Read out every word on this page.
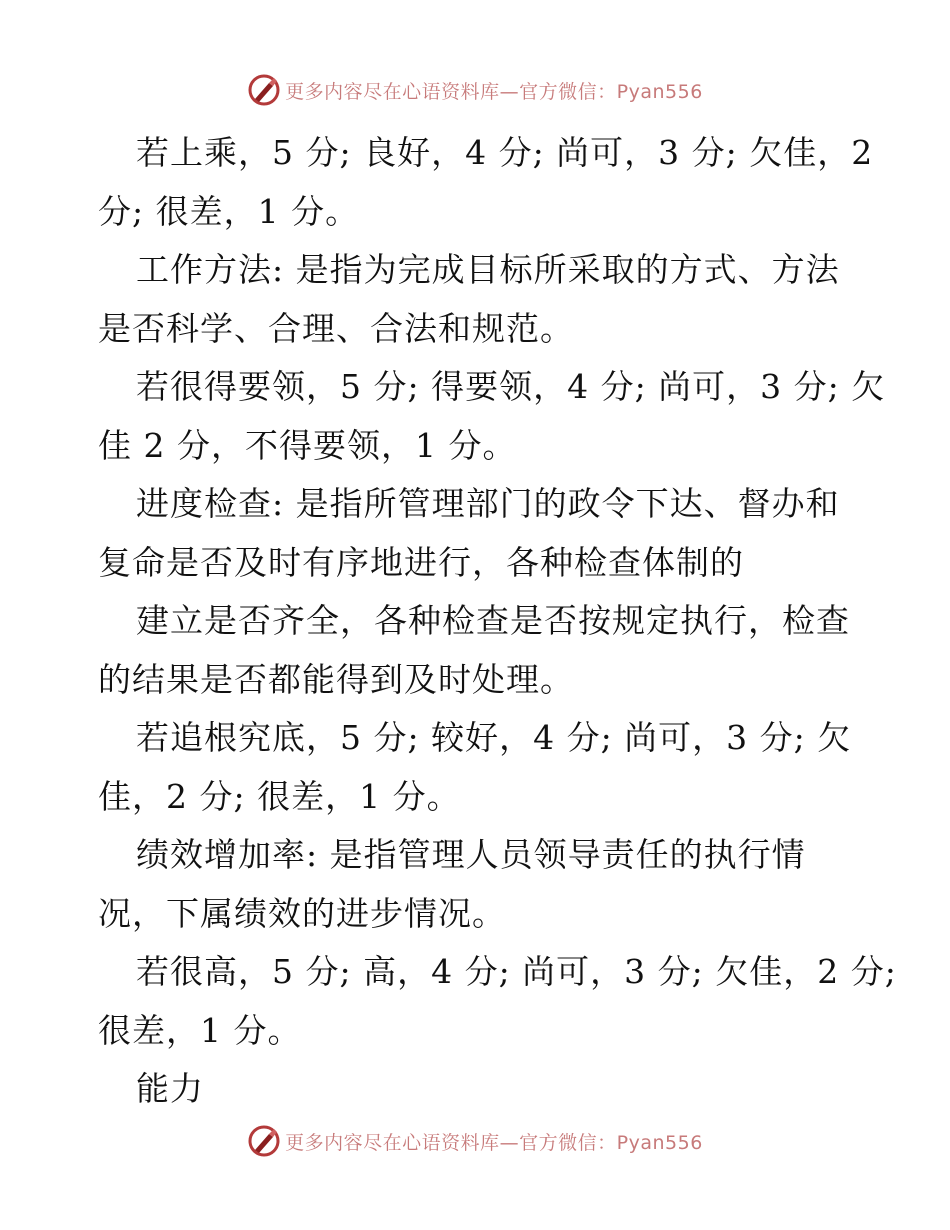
更多内容尽在心语资料库—官方微信：Pyan556
若上乘，5 分; 良好，4 分; 尚可，3 分; 欠佳，2
分; 很差，1 分。
工作方法: 是指为完成目标所采取的方式、方法
是否科学、合理、合法和规范。
若很得要领，5 分; 得要领，4 分; 尚可，3 分; 欠
佳 2 分，不得要领，1 分。
进度检查: 是指所管理部门的政令下达、督办和
复命是否及时有序地进行，各种检查体制的
建立是否齐全，各种检查是否按规定执行，检查
的结果是否都能得到及时处理。
若追根究底，5 分; 较好，4 分; 尚可，3 分; 欠
佳，2 分; 很差，1 分。
绩效增加率: 是指管理人员领导责任的执行情
况，下属绩效的进步情况。
若很高，5 分; 高，4 分; 尚可，3 分; 欠佳，2 分;
很差，1 分。
能力
更多内容尽在心语资料库—官方微信：Pyan556
